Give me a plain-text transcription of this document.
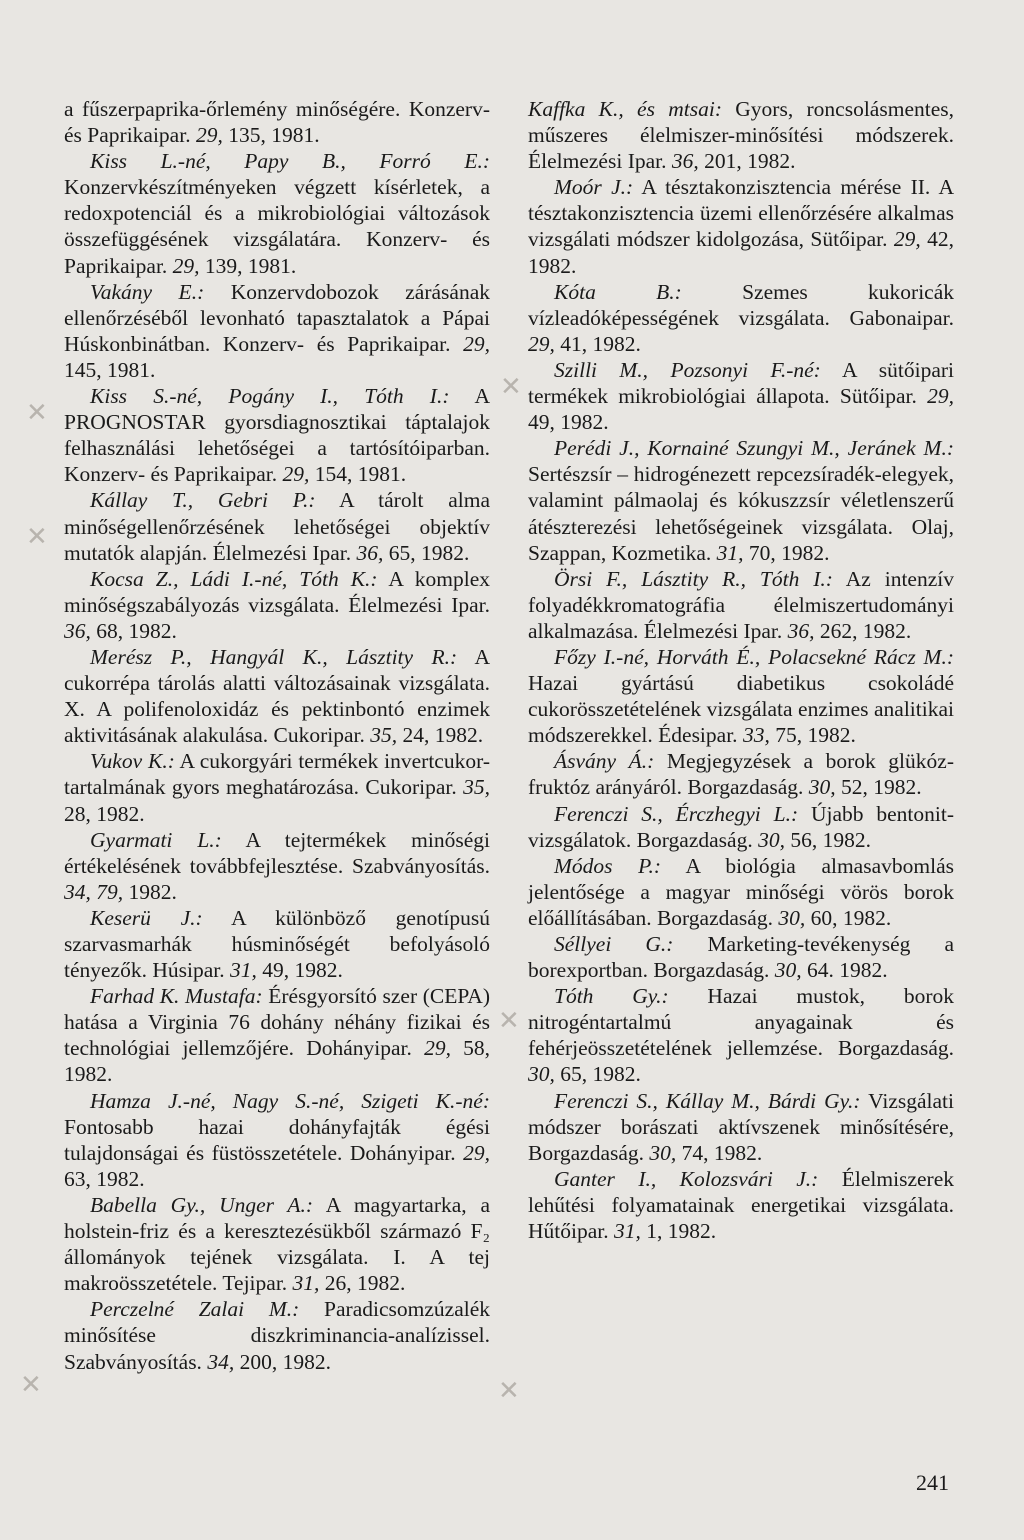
a fűszerpaprika-őrlemény minőségére. Konzerv- és Paprikaipar. 29, 135, 1981.

Kiss L.-né, Papy B., Forró E.: Konzervkészítményeken végzett kísérletek, a redoxpotenciál és a mikrobiológiai változások összefüggésének vizsgálatára. Konzerv- és Paprikaipar. 29, 139, 1981.

Vakány E.: Konzervdobozok zárásának ellenőrzéséből levonható tapasztalatok a Pápai Húskonbinátban. Konzerv- és Paprikaipar. 29, 145, 1981.

Kiss S.-né, Pogány I., Tóth I.: A PROGNOSTAR gyorsdiagnosztikai táptalajok felhasználási lehetőségei a tartósítóiparban. Konzerv- és Paprikaipar. 29, 154, 1981.

Kállay T., Gebri P.: A tárolt alma minőségellenőrzésének lehetőségei objektív mutatók alapján. Élelmezési Ipar. 36, 65, 1982.

Kocsa Z., Ládi I.-né, Tóth K.: A komplex minőségszabályozás vizsgálata. Élelmezési Ipar. 36, 68, 1982.

Merész P., Hangyál K., Lásztity R.: A cukorrépa tárolás alatti változásainak vizsgálata. X. A polifenoloxidáz és pektinbontó enzimek aktivitásának alakulása. Cukoripar. 35, 24, 1982.

Vukov K.: A cukorgyári termékek invertcukor-tartalmának gyors meghatározása. Cukoripar. 35, 28, 1982.

Gyarmati L.: A tejtermékek minőségi értékelésének továbbfejlesztése. Szabványosítás. 34, 79, 1982.

Keserü J.: A különböző genotípusú szarvasmarhák húsminőségét befolyásoló tényezők. Húsipar. 31, 49, 1982.

Farhad K. Mustafa: Érésgyorsító szer (CEPA) hatása a Virginia 76 dohány néhány fizikai és technológiai jellemzőjére. Dohányipar. 29, 58, 1982.

Hamza J.-né, Nagy S.-né, Szigeti K.-né: Fontosabb hazai dohányfajták égési tulajdonságai és füstösszetétele. Dohányipar. 29, 63, 1982.

Babella Gy., Unger A.: A magyartarka, a holstein-friz és a keresztezésükből származó F₂ állományok tejének vizsgálata. I. A tej makroösszetétele. Tejipar. 31, 26, 1982.

Perczelné Zalai M.: Paradicsomzúzalék minősítése diszkriminancia-analízissel. Szabványosítás. 34, 200, 1982.

Kaffka K., és mtsai: Gyors, roncsolásmentes, műszeres élelmiszer-minősítési módszerek. Élelmezési Ipar. 36, 201, 1982.

Moór J.: A tésztakonzisztencia mérése II. A tésztakonzisztencia üzemi ellenőrzésére alkalmas vizsgálati módszer kidolgozása, Sütőipar. 29, 42, 1982.

Kóta B.: Szemes kukoricák vízleadóképességének vizsgálata. Gabonaipar. 29, 41, 1982.

Szilli M., Pozsonyi F.-né: A sütőipari termékek mikrobiológiai állapota. Sütőipar. 29, 49, 1982.

Perédi J., Kornainé Szungyi M., Jeránek M.: Sertészsír – hidrogénezett repcezsíradék-elegyek, valamint pálmaolaj és kókuszzsír véletlenszerű átészterezési lehetőségeinek vizsgálata. Olaj, Szappan, Kozmetika. 31, 70, 1982.

Örsi F., Lásztity R., Tóth I.: Az intenzív folyadékkromatográfia élelmiszertudományi alkalmazása. Élelmezési Ipar. 36, 262, 1982.

Főzy I.-né, Horváth É., Polacsekné Rácz M.: Hazai gyártású diabetikus csokoládé cukorösszetételének vizsgálata enzimes analitikai módszerekkel. Édesipar. 33, 75, 1982.

Ásvány Á.: Megjegyzések a borok glükóz-fruktóz arányáról. Borgazdaság. 30, 52, 1982.

Ferenczi S., Érczhegyi L.: Újabb bentonit-vizsgálatok. Borgazdaság. 30, 56, 1982.

Módos P.: A biológia almasavbomlás jelentősége a magyar minőségi vörös borok előállításában. Borgazdaság. 30, 60, 1982.

Séllyei G.: Marketing-tevékenység a borexportban. Borgazdaság. 30, 64. 1982.

Tóth Gy.: Hazai mustok, borok nitrogéntartalmú anyagainak és fehérjeösszetételének jellemzése. Borgazdaság. 30, 65, 1982.

Ferenczi S., Kállay M., Bárdi Gy.: Vizsgálati módszer borászati aktívszenek minősítésére, Borgazdaság. 30, 74, 1982.

Ganter I., Kolozsvári J.: Élelmiszerek lehűtési folyamatainak energetikai vizsgálata. Hűtőipar. 31, 1, 1982.

241
✕
✕
✕
✕
✕
✕
